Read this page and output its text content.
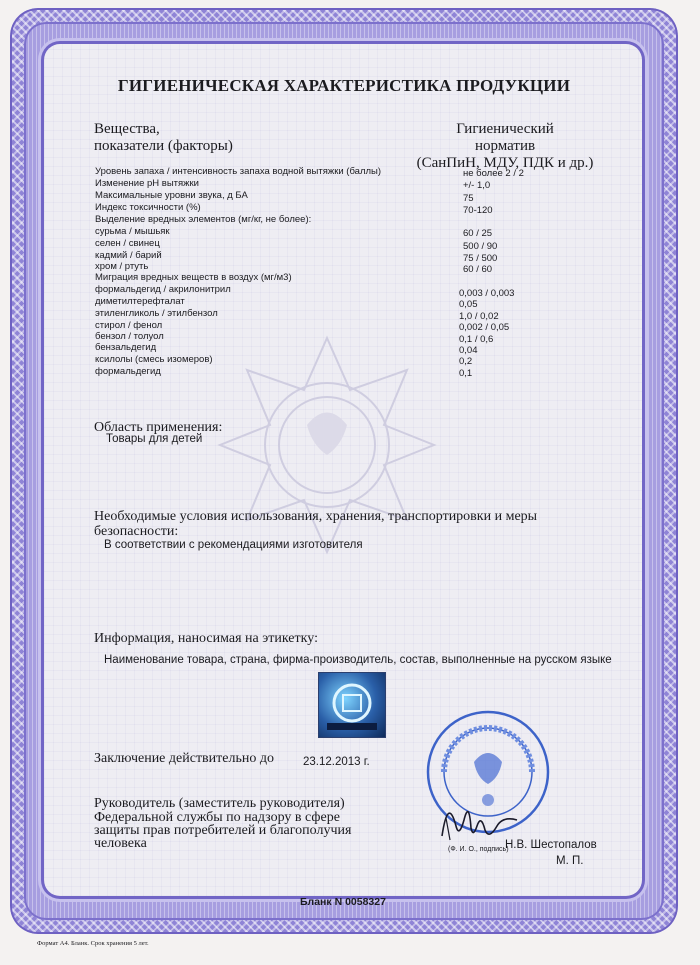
ГИГИЕНИЧЕСКАЯ ХАРАКТЕРИСТИКА ПРОДУКЦИИ
Вещества,
показатели (факторы)
Гигиенический
норматив
(СанПиН, МДУ, ПДК и др.)
Уровень запаха / интенсивность запаха водной вытяжки (баллы)	не более 2 / 2
Изменение рН вытяжки	+/- 1,0
Максимальные уровни звука, д БА	75
Индекс токсичности (%)	70-120
Выделение вредных элементов (мг/кг, не более):
сурьма / мышьяк	60 / 25
селен / свинец	500 / 90
кадмий / барий	75 / 500
хром / ртуть	60 / 60
Миграция вредных веществ в воздух (мг/м3)
формальдегид / акрилонитрил	0,003 / 0,003
диметилтерефталат	0,05
этиленгликоль / этилбензол	1,0 / 0,02
стирол / фенол	0,002 / 0,05
бензол / толуол	0,1 / 0,6
бензальдегид	0,04
ксилолы (смесь изомеров)	0,2
формальдегид	0,1
Область применения:
Товары для детей
Необходимые условия использования, хранения, транспортировки и меры
безопасности:
В соответствии с рекомендациями изготовителя
Информация, наносимая на этикетку:
Наименование товара, страна, фирма-производитель, состав, выполненные на русском языке
Заключение действительно до	23.12.2013 г.
Руководитель (заместитель руководителя)
Федеральной службы по надзору в сфере
защиты прав потребителей и благополучия
человека	Н.В. Шестопалов
(Ф. И. О., подпись)
М. П.
Бланк N 0058327
Формат А4. Бланк. Срок хранения 5 лет.
